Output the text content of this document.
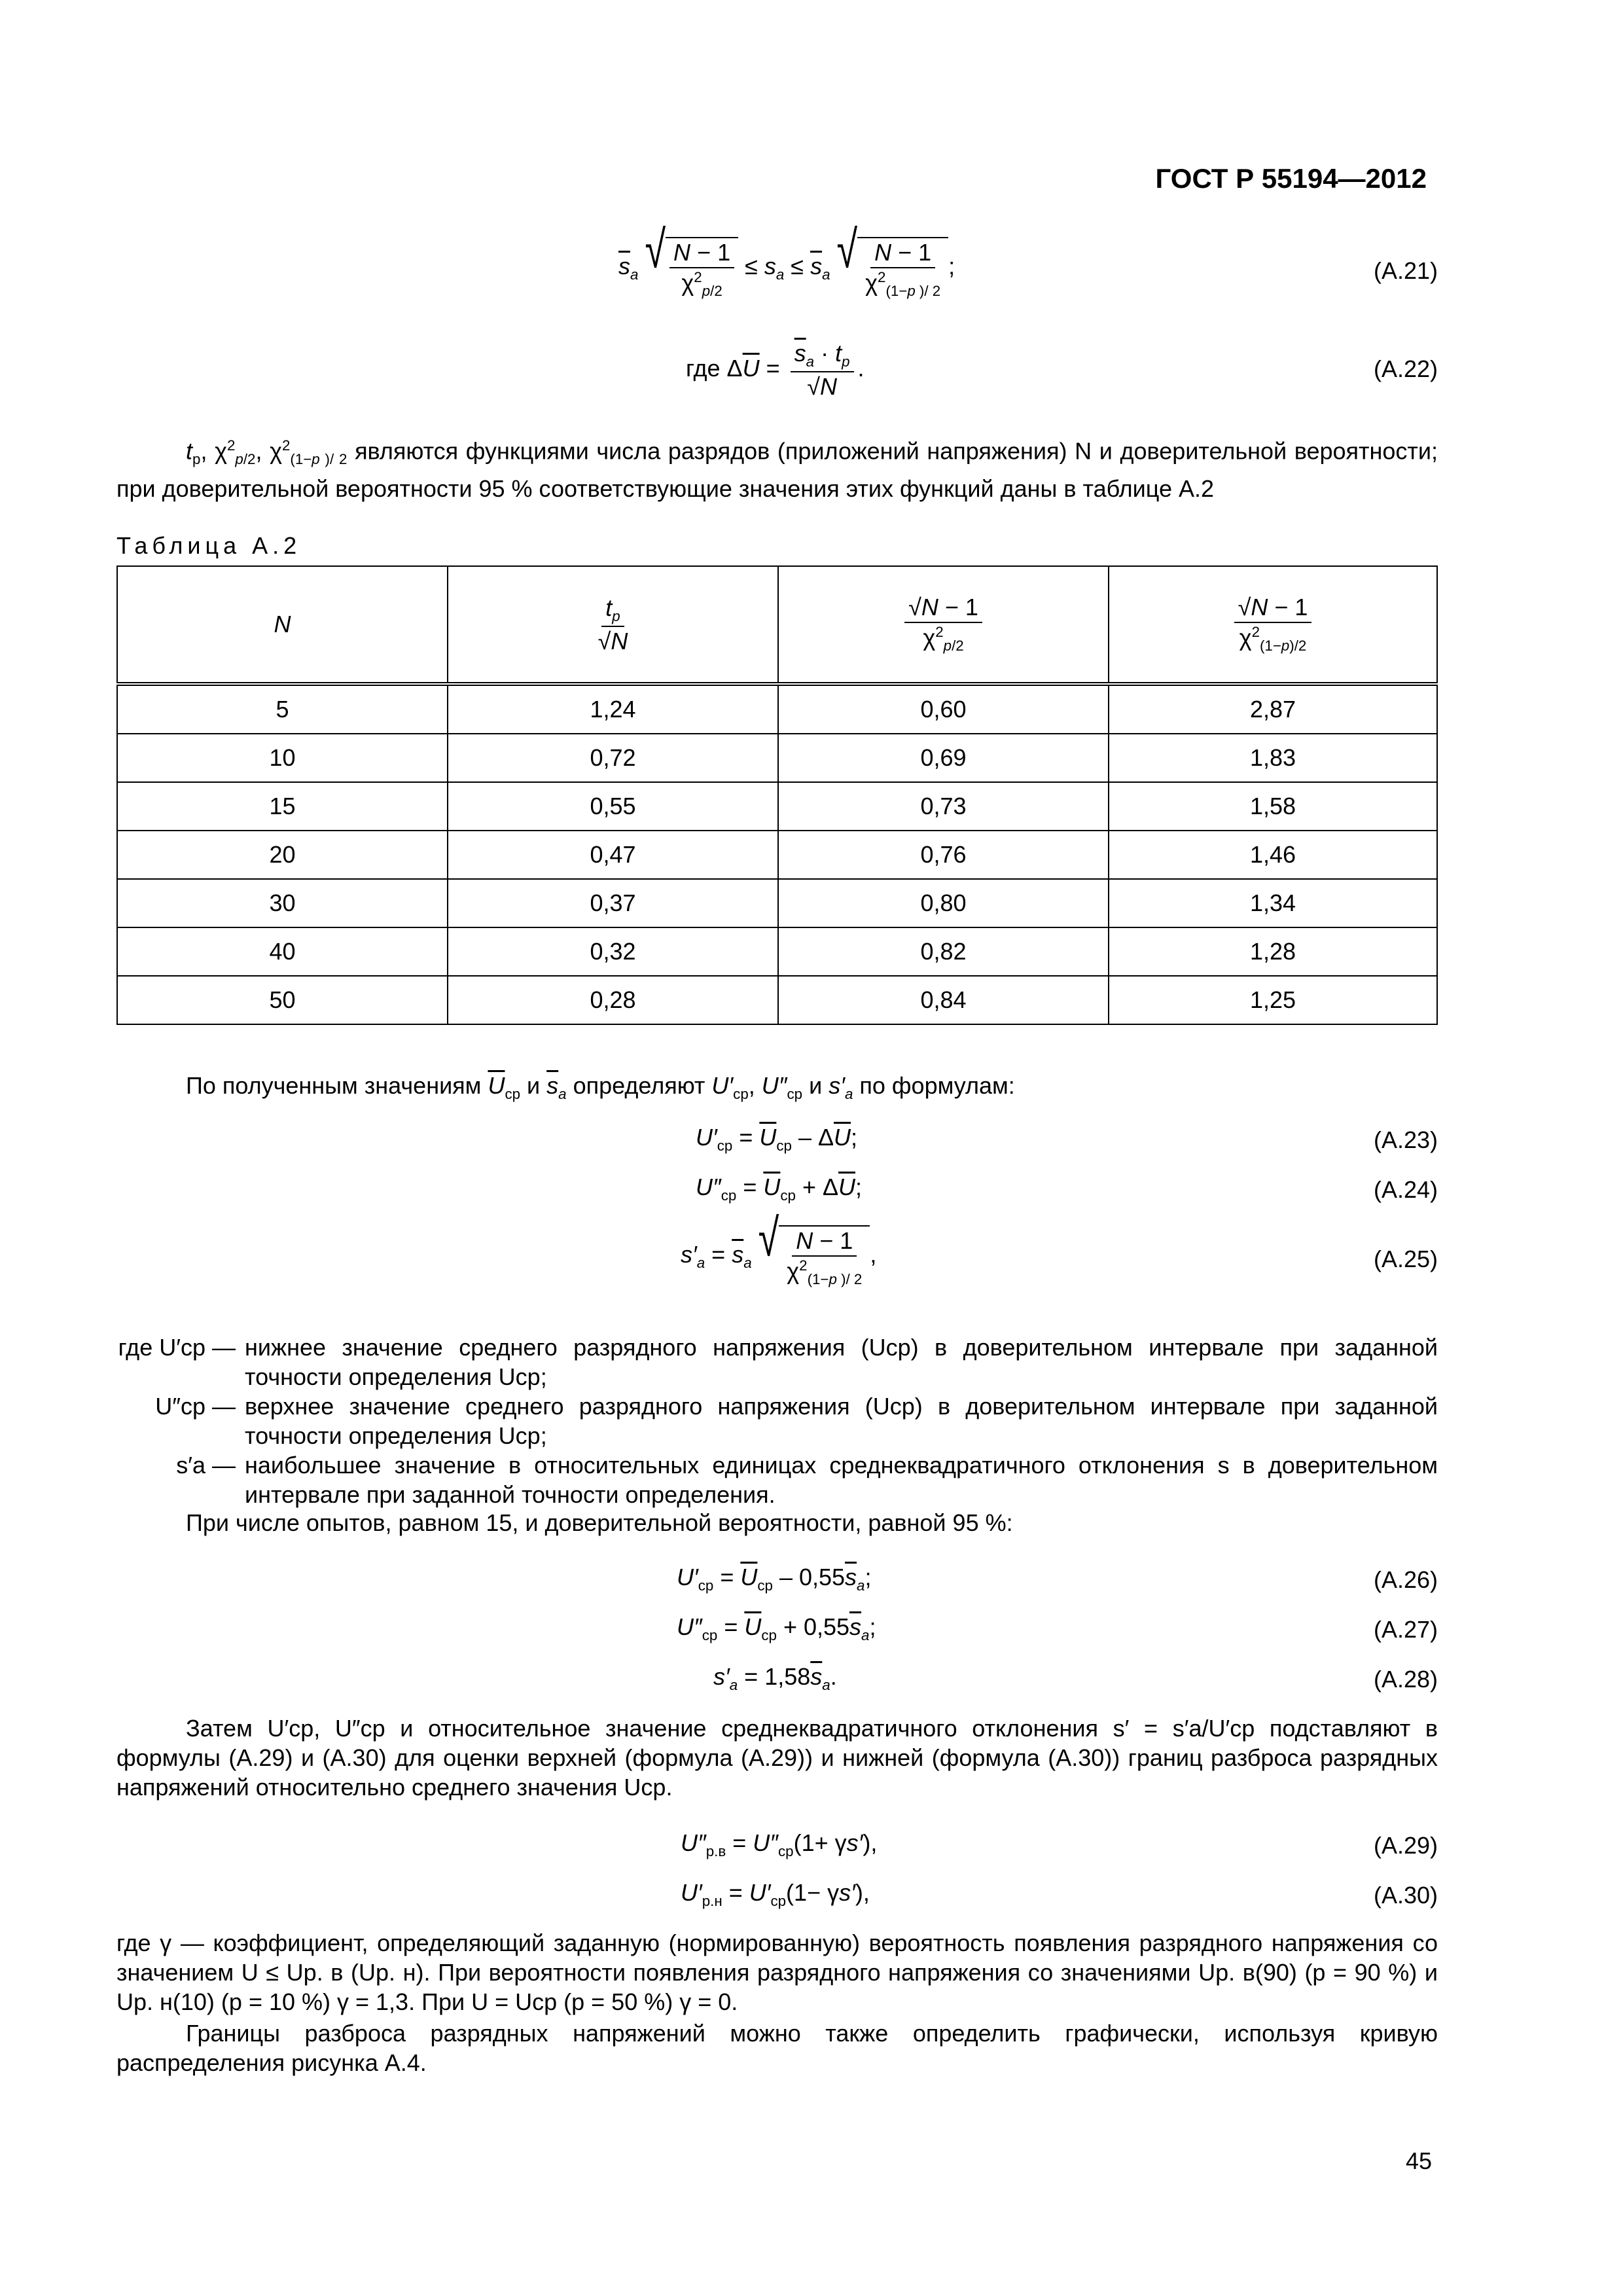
ГОСТ Р 55194—2012
$\overline{s}_a$ √ $\frac{N - 1}{\chi^2_{p/2}} \le s_a \le \overline{s}_a$ √ $\frac{N - 1}{\chi^2_{(1-p )/ 2}}$ ;	(А.21)
где $\Delta\overline{U} = \frac{\overline{s}_a \cdot t_p}{√N}$ .	(А.22)

$t_p$, $\chi^2_{p/2}$, $\chi^2_{(1-p )/ 2}$ являются функциями числа разрядов (приложений напряжения) N и доверительной вероятности; при доверительной вероятности 95 % соответствующие значения этих функций даны в таблице А.2

Таблица А.2
N	$\frac{t_p}{√N}$	$\frac{√N - 1}{\chi^2_{p/2}}$	$\frac{√N - 1}{\chi^2_{(1-p)/2}}$

5	1,24	0,60	2,87
10	0,72	0,69	1,83
15	0,55	0,73	1,58
20	0,47	0,76	1,46
30	0,37	0,80	1,34
40	0,32	0,82	1,28
50	0,28	0,84	1,25

По полученным значениям $\overline{U}_{ср}$ и $\overline{s}_a$ определяют $U'_{ср}$, $U''_{ср}$ и $s'_a$ по формулам:

$U'_{ср} = \overline{U}_{ср} - \Delta\overline{U}$;	(А.23)
$U''_{ср} = \overline{U}_{ср} + \Delta\overline{U}$;	(А.24)
$s'_a = \overline{s}_a$ √ $\frac{N - 1}{\chi^2_{(1-p )/ 2}}$ ,	(А.25)
где U′ср — нижнее значение среднего разрядного напряжения (Uср) в доверительном интервале при заданной точности определения Uср;
U″ср — верхнее значение среднего разрядного напряжения (Uср) в доверительном интервале при заданной точности определения Uср;
s′a — наибольшее значение в относительных единицах среднеквадратичного отклонения s в доверительном интервале при заданной точности определения.

При числе опытов, равном 15, и доверительной вероятности, равной 95 %:

$U'_{ср} = \overline{U}_{ср} - 0,55\overline{s}_a$;	(А.26)
$U''_{ср} = \overline{U}_{ср} + 0,55\overline{s}_a$;	(А.27)
$s'_a = 1,58\overline{s}_a$.	(А.28)

Затем U′ср, U″ср и относительное значение среднеквадратичного отклонения s′ = s′a/U′ср подставляют в формулы (А.29) и (А.30) для оценки верхней (формула (А.29)) и нижней (формула (А.30)) границ разброса разрядных напряжений относительно среднего значения Uср.

$U''_{р.в} = U''_{ср}(1+ \gamma s')$,	(А.29)
$U'_{р.н} = U'_{ср}(1- \gamma s')$,	(А.30)

где γ — коэффициент, определяющий заданную (нормированную) вероятность появления разрядного напряжения со значением U ≤ Uр. в (Uр. н). При вероятности появления разрядного напряжения со значениями Uр. в(90) (p = 90 %) и Uр. н(10) (p = 10 %) γ = 1,3. При U = Uср (p = 50 %) γ = 0.

Границы разброса разрядных напряжений можно также определить графически, используя кривую распределения рисунка А.4.

45
